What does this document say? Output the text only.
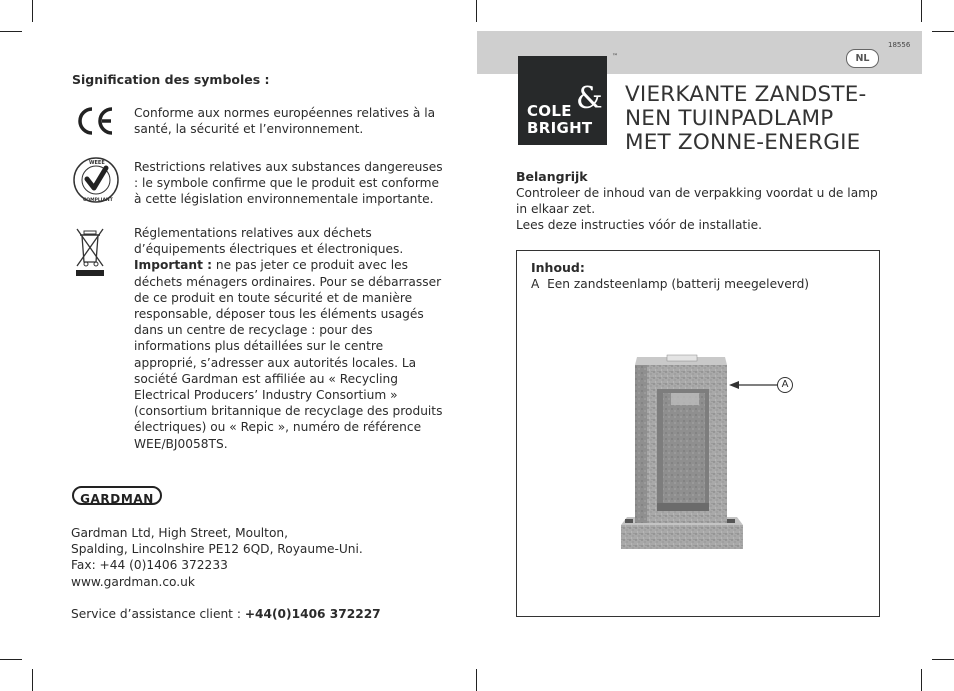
Signification des symboles :
Conforme aux normes européennes relatives à la santé, la sécurité et l’environnement.
WEEE
COMPLIANT
Restrictions relatives aux substances dangereuses : le symbole confirme que le produit est conforme à cette législation environnementale importante.
Réglementations relatives aux déchets d’équipements électriques et électroniques.
Important : ne pas jeter ce produit avec les déchets ménagers ordinaires. Pour se débarrasser de ce produit en toute sécurité et de manière responsable, déposer tous les éléments usagés dans un centre de recyclage : pour des informations plus détaillées sur le centre approprié, s’adresser aux autorités locales. La société Gardman est affiliée au « Recycling Electrical Producers’ Industry Consortium » (consortium britannique de recyclage des produits électriques) ou « Repic », numéro de référence WEE/BJ0058TS.
GARDMAN
Gardman Ltd, High Street, Moulton,
Spalding, Lincolnshire PE12 6QD, Royaume-Uni.
Fax: +44 (0)1406 372233
www.gardman.co.uk
Service d’assistance client : +44(0)1406 372227
18556
NL
&
COLE
BRIGHT
™
VIERKANTE ZANDSTE-
NEN TUINPADLAMP
MET ZONNE-ENERGIE
Belangrijk
Controleer de inhoud van de verpakking voordat u de lamp in elkaar zet.
Lees deze instructies vóór de installatie.
Inhoud:
A Een zandsteenlamp (batterij meegeleverd)
A
